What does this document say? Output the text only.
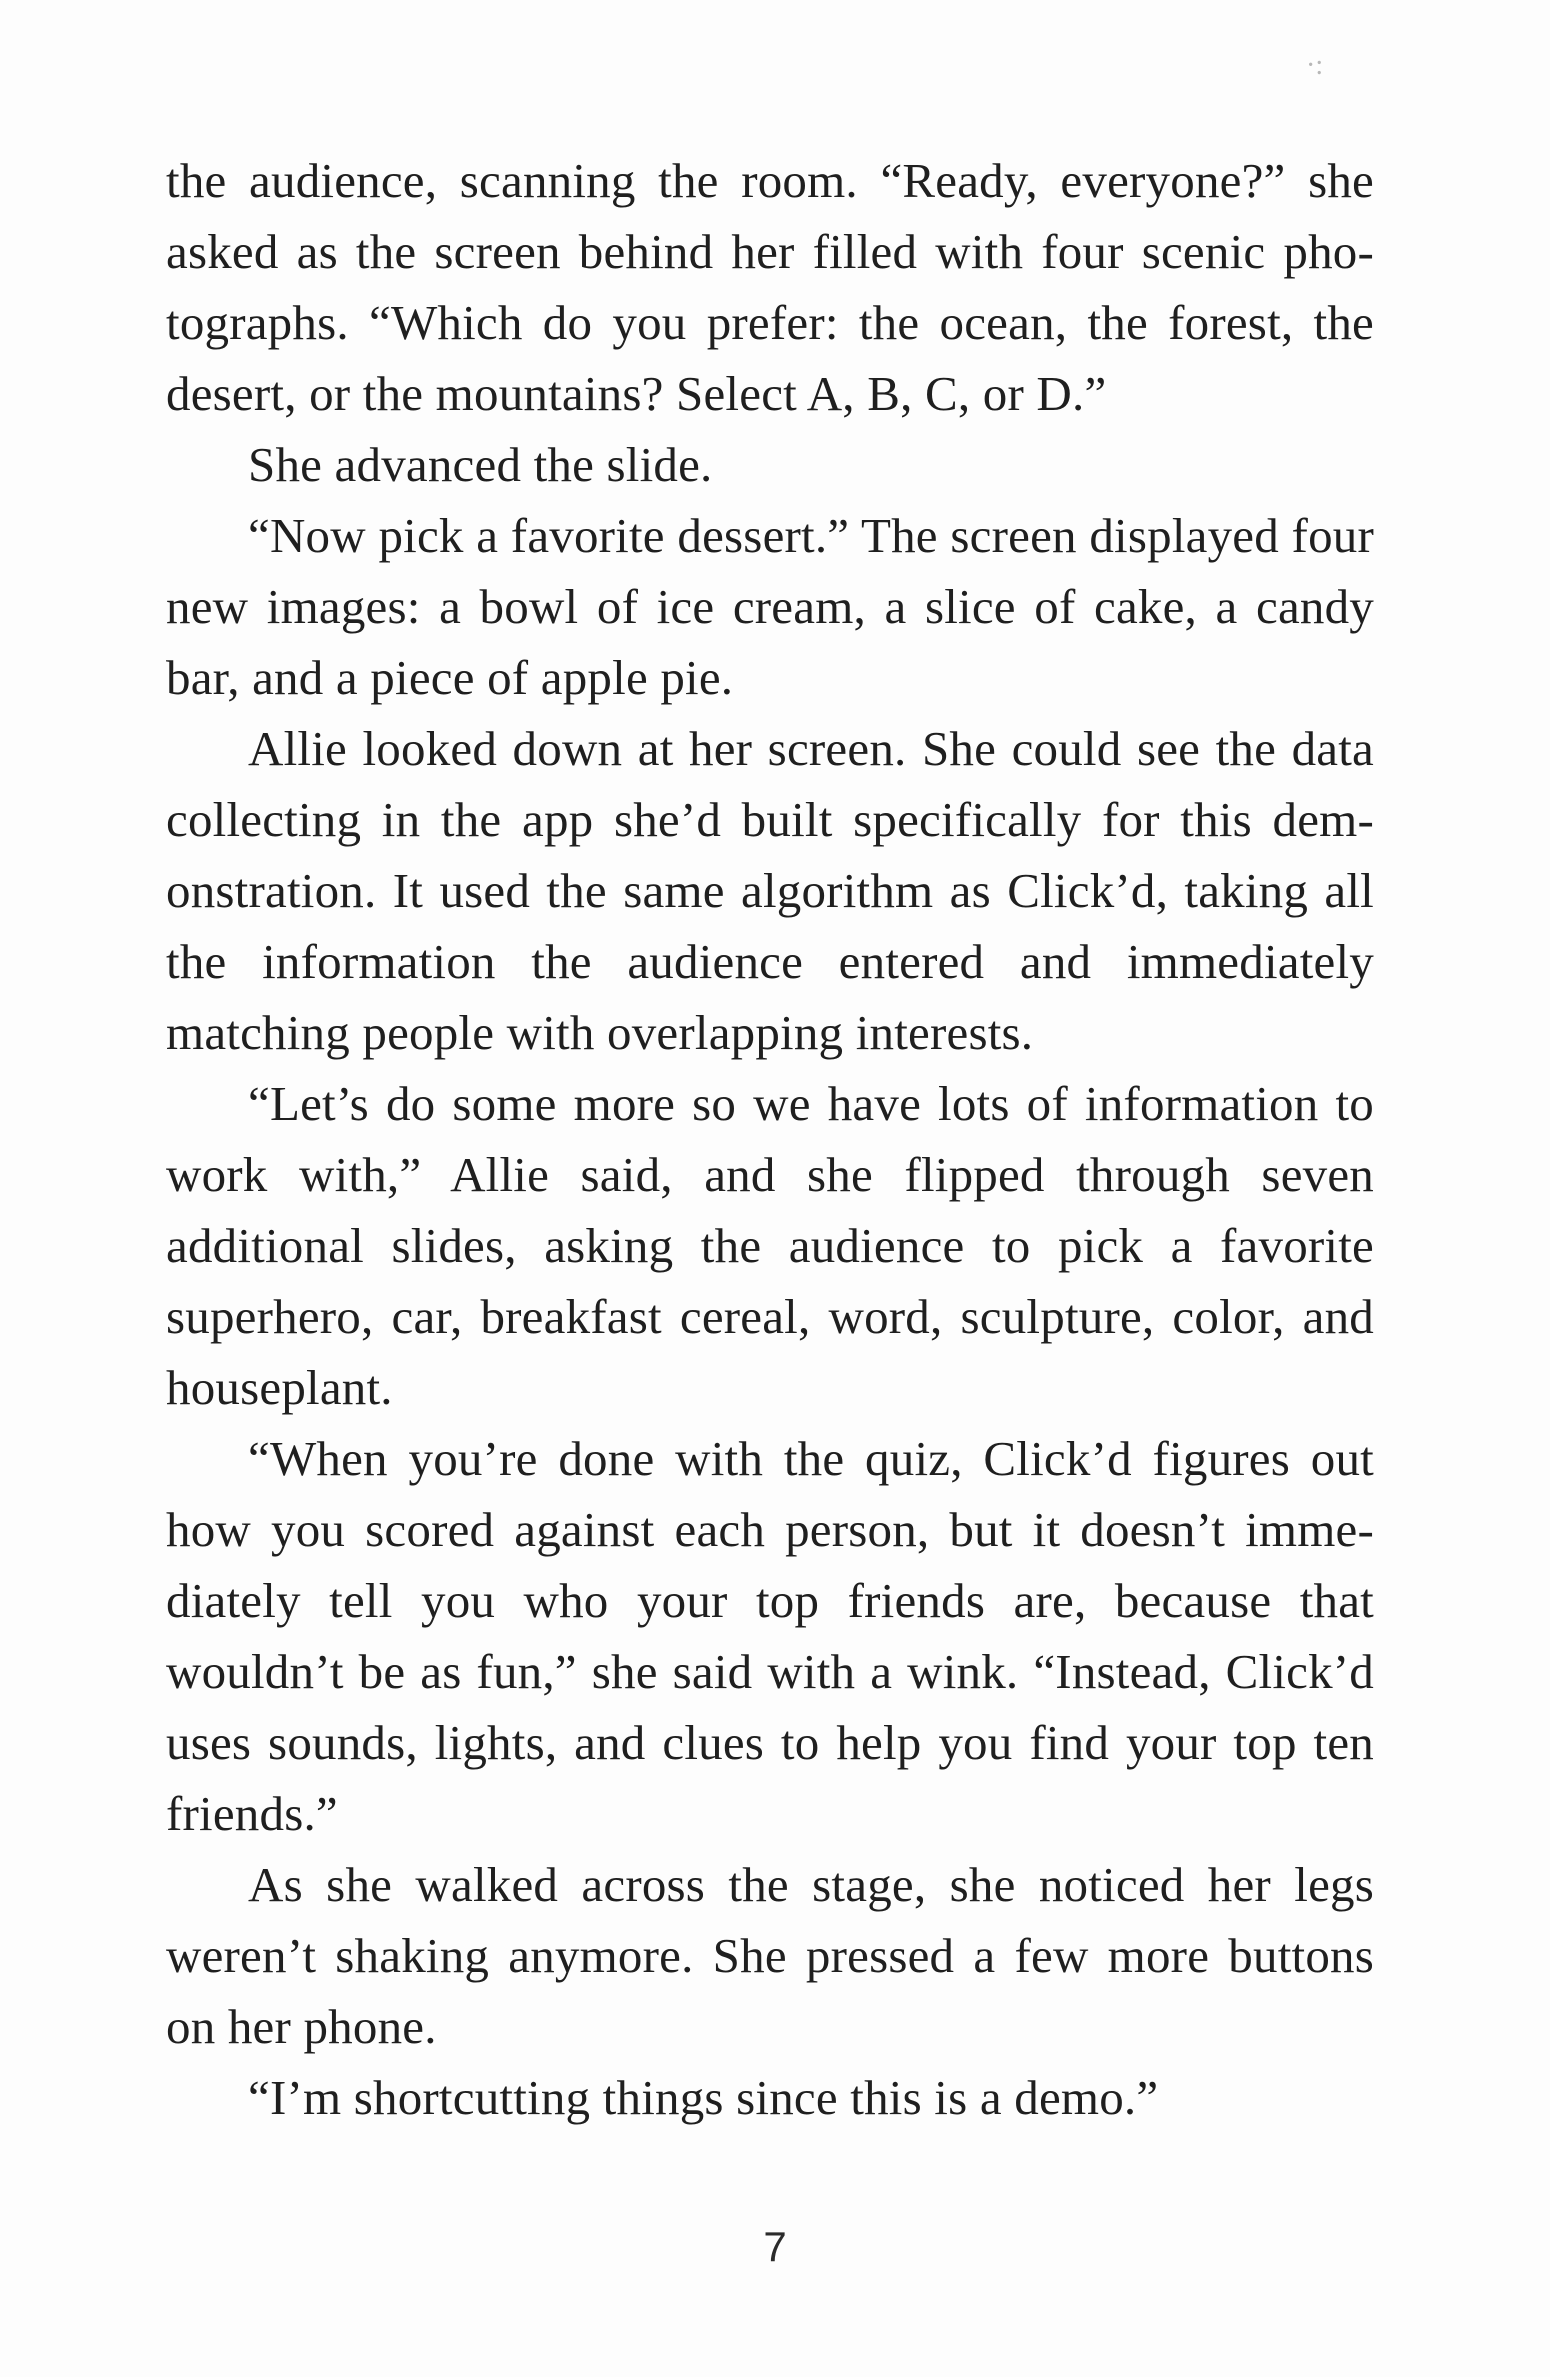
·:

the audience, scanning the room. “Ready, everyone?” she asked as the screen behind her filled with four scenic pho-tographs. “Which do you prefer: the ocean, the forest, the desert, or the mountains? Select A, B, C, or D.”

She advanced the slide.

“Now pick a favorite dessert.” The screen displayed four new images: a bowl of ice cream, a slice of cake, a candy bar, and a piece of apple pie.

Allie looked down at her screen. She could see the data collecting in the app she’d built specifically for this dem-onstration. It used the same algorithm as Click’d, taking all the information the audience entered and immediately matching people with overlapping interests.

“Let’s do some more so we have lots of information to work with,” Allie said, and she flipped through seven additional slides, asking the audience to pick a favorite superhero, car, breakfast cereal, word, sculpture, color, and houseplant.

“When you’re done with the quiz, Click’d figures out how you scored against each person, but it doesn’t imme-diately tell you who your top friends are, because that wouldn’t be as fun,” she said with a wink. “Instead, Click’d uses sounds, lights, and clues to help you find your top ten friends.”

As she walked across the stage, she noticed her legs weren’t shaking anymore. She pressed a few more buttons on her phone.

“I’m shortcutting things since this is a demo.”

7
